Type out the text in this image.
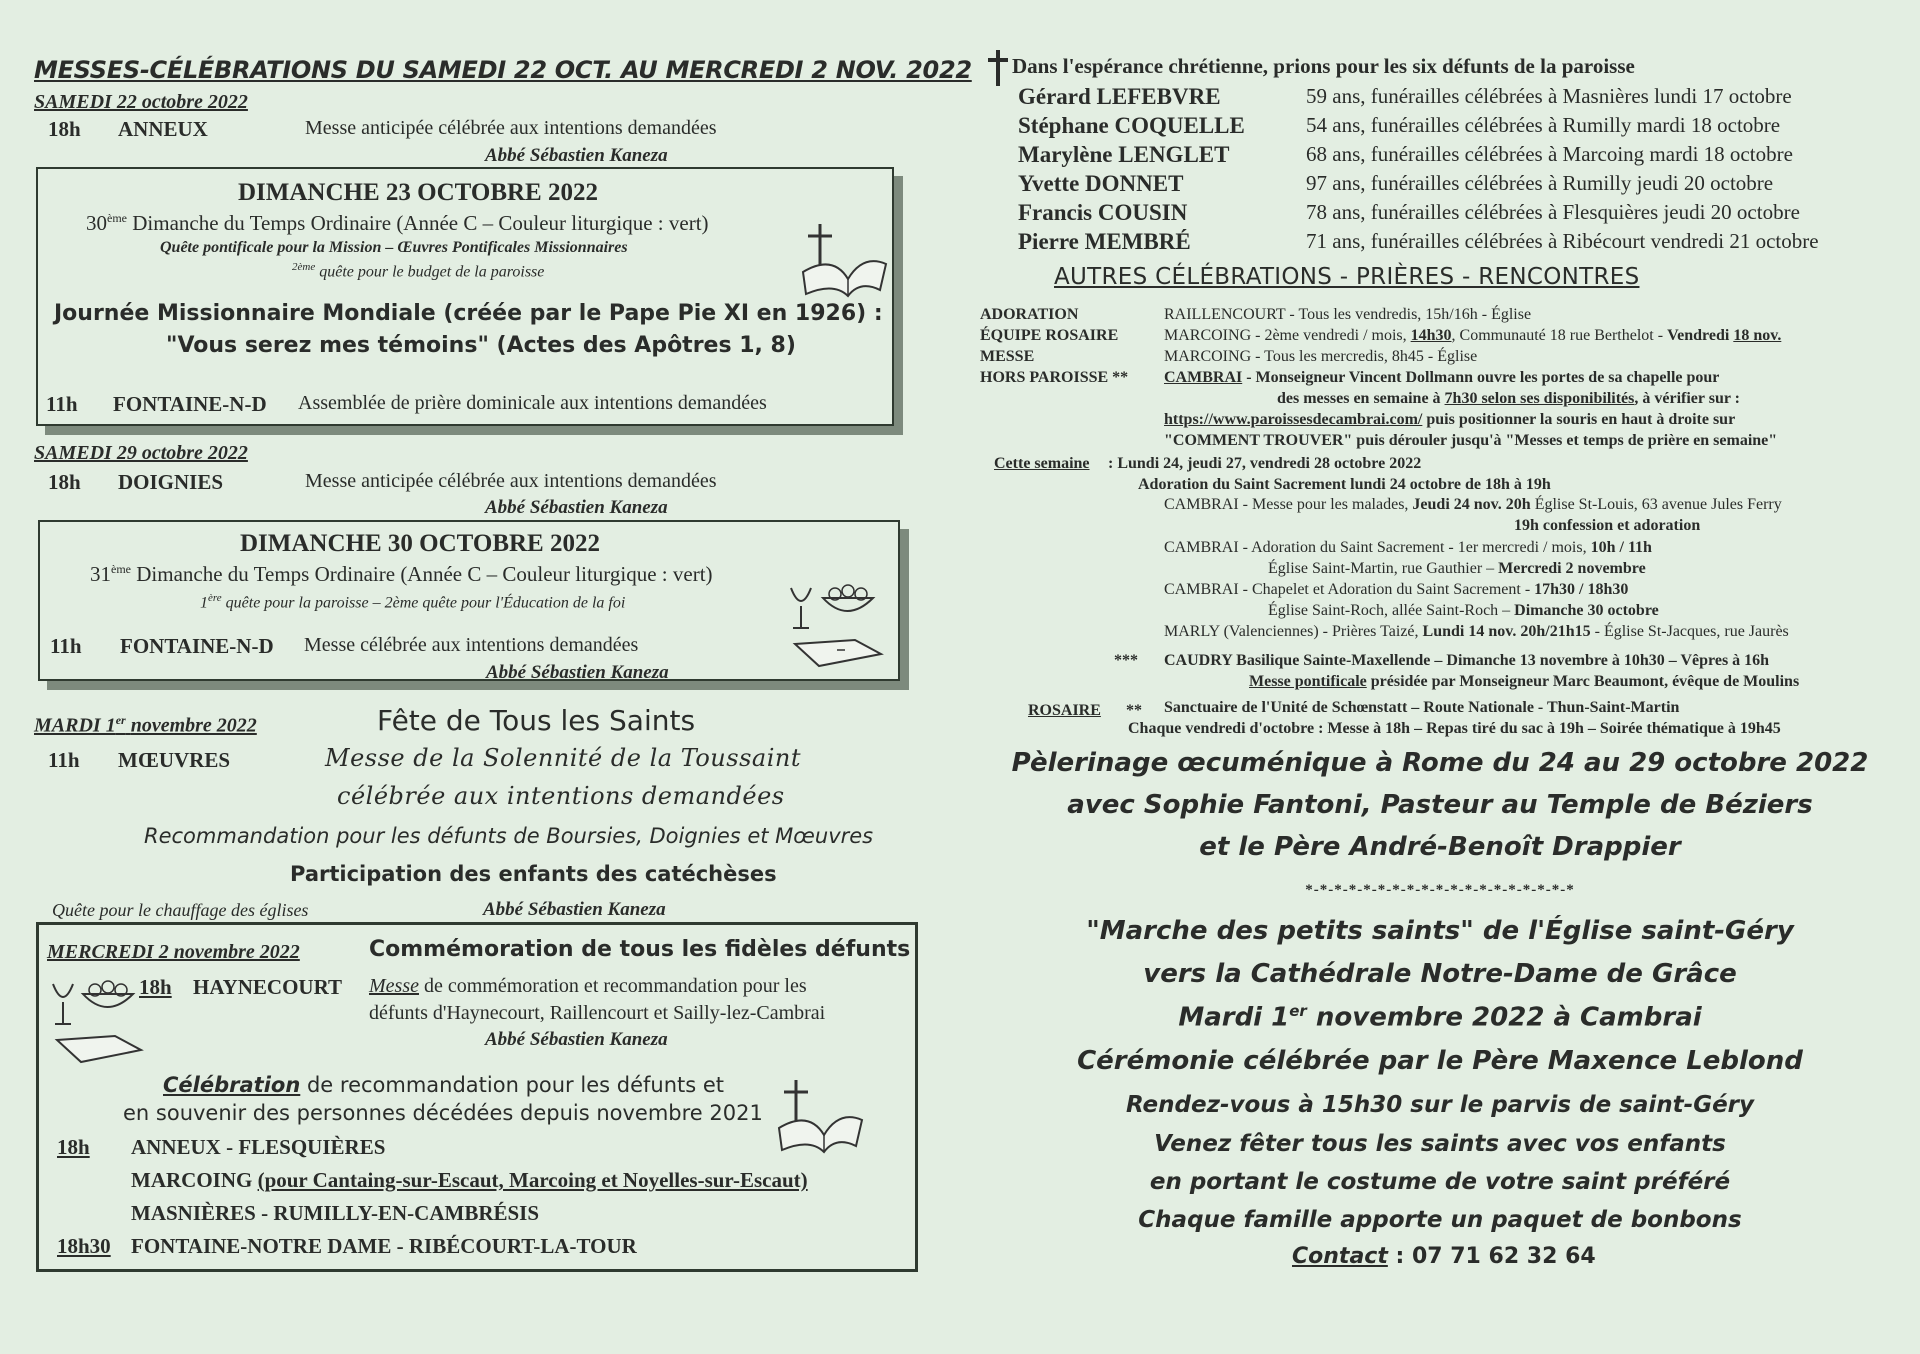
MESSES-CÉLÉBRATIONS DU SAMEDI 22 OCT. AU MERCREDI 2 NOV. 2022
SAMEDI 22 octobre 2022
18h ANNEUX	Messe anticipée célébrée aux intentions demandées
Abbé Sébastien Kaneza
DIMANCHE 23 OCTOBRE 2022
30ème Dimanche du Temps Ordinaire (Année C – Couleur liturgique : vert)
Quête pontificale pour la Mission – Œuvres Pontificales Missionnaires
$^{2ème}$ quête pour le budget de la paroisse
Journée Missionnaire Mondiale (créée par le Pape Pie XI en 1926) :
"Vous serez mes témoins" (Actes des Apôtres 1, 8)
11h FONTAINE-N-D Assemblée de prière dominicale aux intentions demandées
SAMEDI 29 octobre 2022
18h DOIGNIES	Messe anticipée célébrée aux intentions demandées
Abbé Sébastien Kaneza
DIMANCHE 30 OCTOBRE 2022
31ème Dimanche du Temps Ordinaire (Année C – Couleur liturgique : vert)
1ère quête pour la paroisse – 2ème quête pour l'Éducation de la foi
11h FONTAINE-N-D Messe célébrée aux intentions demandées
Abbé Sébastien Kaneza
MARDI 1er novembre 2022	Fête de Tous les Saints
11h MŒUVRES	Messe de la Solennité de la Toussaint
célébrée aux intentions demandées
Recommandation pour les défunts de Boursies, Doignies et Mœuvres
Participation des enfants des catéchèses
Quête pour le chauffage des églises	Abbé Sébastien Kaneza
MERCREDI 2 novembre 2022	Commémoration de tous les fidèles défunts
18h HAYNECOURT Messe de commémoration et recommandation pour les
défunts d'Haynecourt, Raillencourt et Sailly-lez-Cambrai
Abbé Sébastien Kaneza
Célébration de recommandation pour les défunts et
en souvenir des personnes décédées depuis novembre 2021
18h ANNEUX - FLESQUIÈRES
MARCOING (pour Cantaing-sur-Escaut, Marcoing et Noyelles-sur-Escaut)
MASNIÈRES - RUMILLY-EN-CAMBRÉSIS
18h30 FONTAINE-NOTRE DAME - RIBÉCOURT-LA-TOUR
Dans l'espérance chrétienne, prions pour les six défunts de la paroisse
Gérard LEFEBVRE	59 ans, funérailles célébrées à Masnières lundi 17 octobre
Stéphane COQUELLE	54 ans, funérailles célébrées à Rumilly mardi 18 octobre
Marylène LENGLET	68 ans, funérailles célébrées à Marcoing mardi 18 octobre
Yvette DONNET	97 ans, funérailles célébrées à Rumilly jeudi 20 octobre
Francis COUSIN	78 ans, funérailles célébrées à Flesquières jeudi 20 octobre
Pierre MEMBRÉ	71 ans, funérailles célébrées à Ribécourt vendredi 21 octobre
AUTRES CÉLÉBRATIONS - PRIÈRES - RENCONTRES
ADORATION	RAILLENCOURT - Tous les vendredis, 15h/16h - Église
ÉQUIPE ROSAIRE	MARCOING - 2ème vendredi / mois, 14h30, Communauté 18 rue Berthelot - Vendredi 18 nov.
MESSE	MARCOING - Tous les mercredis, 8h45 - Église
HORS PAROISSE ** CAMBRAI - Monseigneur Vincent Dollmann ouvre les portes de sa chapelle pour
des messes en semaine à 7h30 selon ses disponibilités, à vérifier sur :
https://www.paroissesdecambrai.com/ puis positionner la souris en haut à droite sur
"COMMENT TROUVER" puis dérouler jusqu'à "Messes et temps de prière en semaine"
Cette semaine : Lundi 24, jeudi 27, vendredi 28 octobre 2022
Adoration du Saint Sacrement lundi 24 octobre de 18h à 19h
CAMBRAI - Messe pour les malades, Jeudi 24 nov. 20h Église St-Louis, 63 avenue Jules Ferry
19h confession et adoration
CAMBRAI - Adoration du Saint Sacrement - 1er mercredi / mois, 10h / 11h
Église Saint-Martin, rue Gauthier – Mercredi 2 novembre
CAMBRAI - Chapelet et Adoration du Saint Sacrement - 17h30 / 18h30
Église Saint-Roch, allée Saint-Roch – Dimanche 30 octobre
MARLY (Valenciennes) - Prières Taizé, Lundi 14 nov. 20h/21h15 - Église St-Jacques, rue Jaurès
*** CAUDRY Basilique Sainte-Maxellende – Dimanche 13 novembre à 10h30 – Vêpres à 16h
Messe pontificale présidée par Monseigneur Marc Beaumont, évêque de Moulins
ROSAIRE ** Sanctuaire de l'Unité de Schœnstatt – Route Nationale - Thun-Saint-Martin
Chaque vendredi d'octobre : Messe à 18h – Repas tiré du sac à 19h – Soirée thématique à 19h45
Pèlerinage œcuménique à Rome du 24 au 29 octobre 2022
avec Sophie Fantoni, Pasteur au Temple de Béziers
et le Père André-Benoît Drappier
*-*-*-*-*-*-*-*-*-*-*-*-*-*-*-*-*-*-*
"Marche des petits saints" de l'Église saint-Géry
vers la Cathédrale Notre-Dame de Grâce
Mardi 1er novembre 2022 à Cambrai
Cérémonie célébrée par le Père Maxence Leblond
Rendez-vous à 15h30 sur le parvis de saint-Géry
Venez fêter tous les saints avec vos enfants
en portant le costume de votre saint préféré
Chaque famille apporte un paquet de bonbons
Contact : 07 71 62 32 64
